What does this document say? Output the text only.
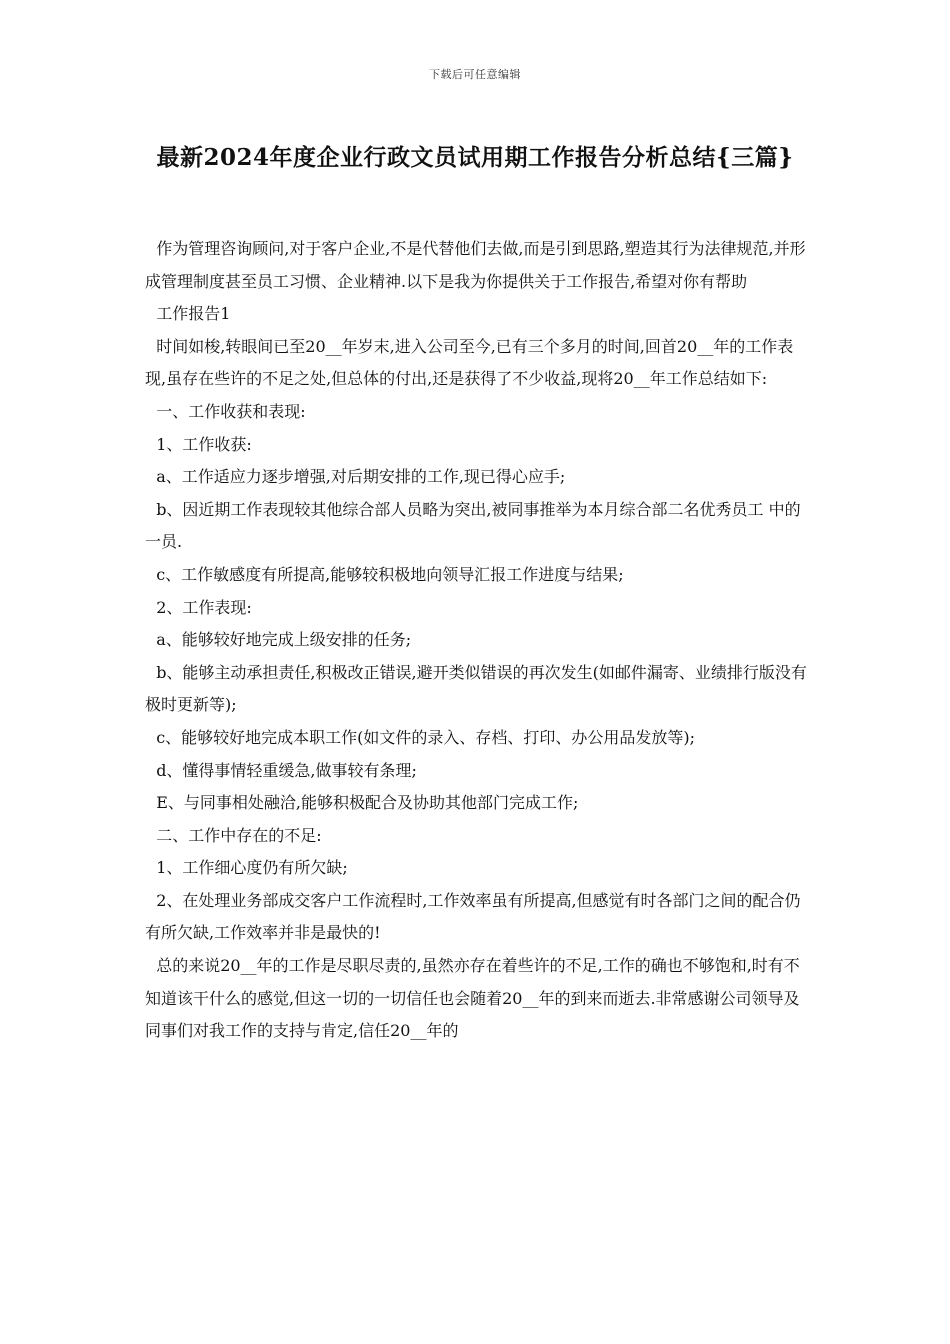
下载后可任意编辑
最新2024年度企业行政文员试用期工作报告分析总结{三篇}

作为管理咨询顾问,对于客户企业,不是代替他们去做,而是引到思路,塑造其行为法律规范,并形成管理制度甚至员工习惯、企业精神.以下是我为你提供关于工作报告,希望对你有帮助

工作报告1

时间如梭,转眼间已至20__年岁末,进入公司至今,已有三个多月的时间,回首20__年的工作表现,虽存在些许的不足之处,但总体的付出,还是获得了不少收益,现将20__年工作总结如下:

一、工作收获和表现:

1、工作收获:

a、工作适应力逐步增强,对后期安排的工作,现已得心应手;

b、因近期工作表现较其他综合部人员略为突出,被同事推举为本月综合部二名优秀员工 中的一员.

c、工作敏感度有所提高,能够较积极地向领导汇报工作进度与结果;

2、工作表现:

a、能够较好地完成上级安排的任务;

b、能够主动承担责任,积极改正错误,避开类似错误的再次发生(如邮件漏寄、业绩排行版没有极时更新等);

c、能够较好地完成本职工作(如文件的录入、存档、打印、办公用品发放等);

d、懂得事情轻重缓急,做事较有条理;

E、与同事相处融洽,能够积极配合及协助其他部门完成工作;

二、工作中存在的不足:

1、工作细心度仍有所欠缺;

2、在处理业务部成交客户工作流程时,工作效率虽有所提高,但感觉有时各部门之间的配合仍有所欠缺,工作效率并非是最快的!

总的来说20__年的工作是尽职尽责的,虽然亦存在着些许的不足,工作的确也不够饱和,时有不知道该干什么的感觉,但这一切的一切信任也会随着20__年的到来而逝去.非常感谢公司领导及同事们对我工作的支持与肯定,信任20__年的
